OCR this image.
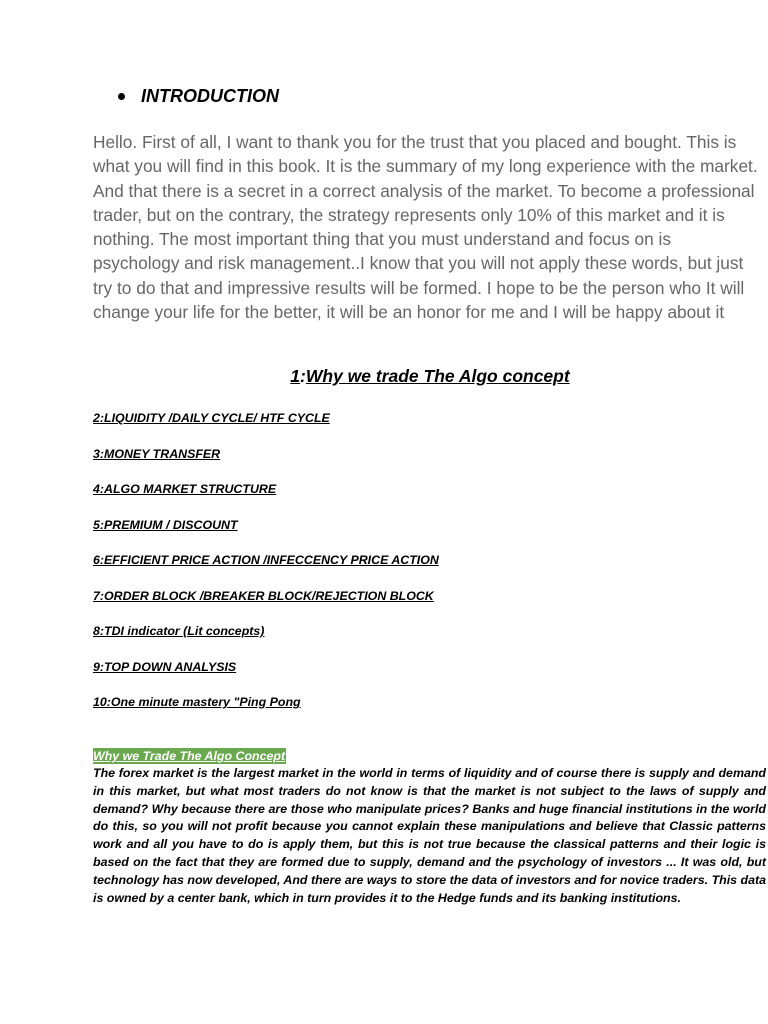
INTRODUCTION

Hello. First of all, I want to thank you for the trust that you placed and bought. This is what you will find in this book. It is the summary of my long experience with the market. And that there is a secret in a correct analysis of the market. To become a professional trader, but on the contrary, the strategy represents only 10% of this market and it is nothing. The most important thing that you must understand and focus on is psychology and risk management..I know that you will not apply these words, but just try to do that and impressive results will be formed. I hope to be the person who It will change your life for the better, it will be an honor for me and I will be happy about it

1:Why we trade The Algo concept
2:LIQUIDITY /DAILY CYCLE/ HTF CYCLE
3:MONEY TRANSFER
4:ALGO MARKET STRUCTURE
5:PREMIUM / DISCOUNT
6:EFFICIENT PRICE ACTION /INFECCENCY PRICE ACTION
7:ORDER BLOCK /BREAKER BLOCK/REJECTION BLOCK
8:TDI indicator (Lit concepts)
9:TOP DOWN ANALYSIS
10:One minute mastery "Ping Pong
Why we Trade The Algo Concept

The forex market is the largest market in the world in terms of liquidity and of course there is supply and demand in this market, but what most traders do not know is that the market is not subject to the laws of supply and demand? Why because there are those who manipulate prices? Banks and huge financial institutions in the world do this, so you will not profit because you cannot explain these manipulations and believe that Classic patterns work and all you have to do is apply them, but this is not true because the classical patterns and their logic is based on the fact that they are formed due to supply, demand and the psychology of investors ... It was old, but technology has now developed, And there are ways to store the data of investors and for novice traders. This data is owned by a center bank, which in turn provides it to the Hedge funds and its banking institutions.
